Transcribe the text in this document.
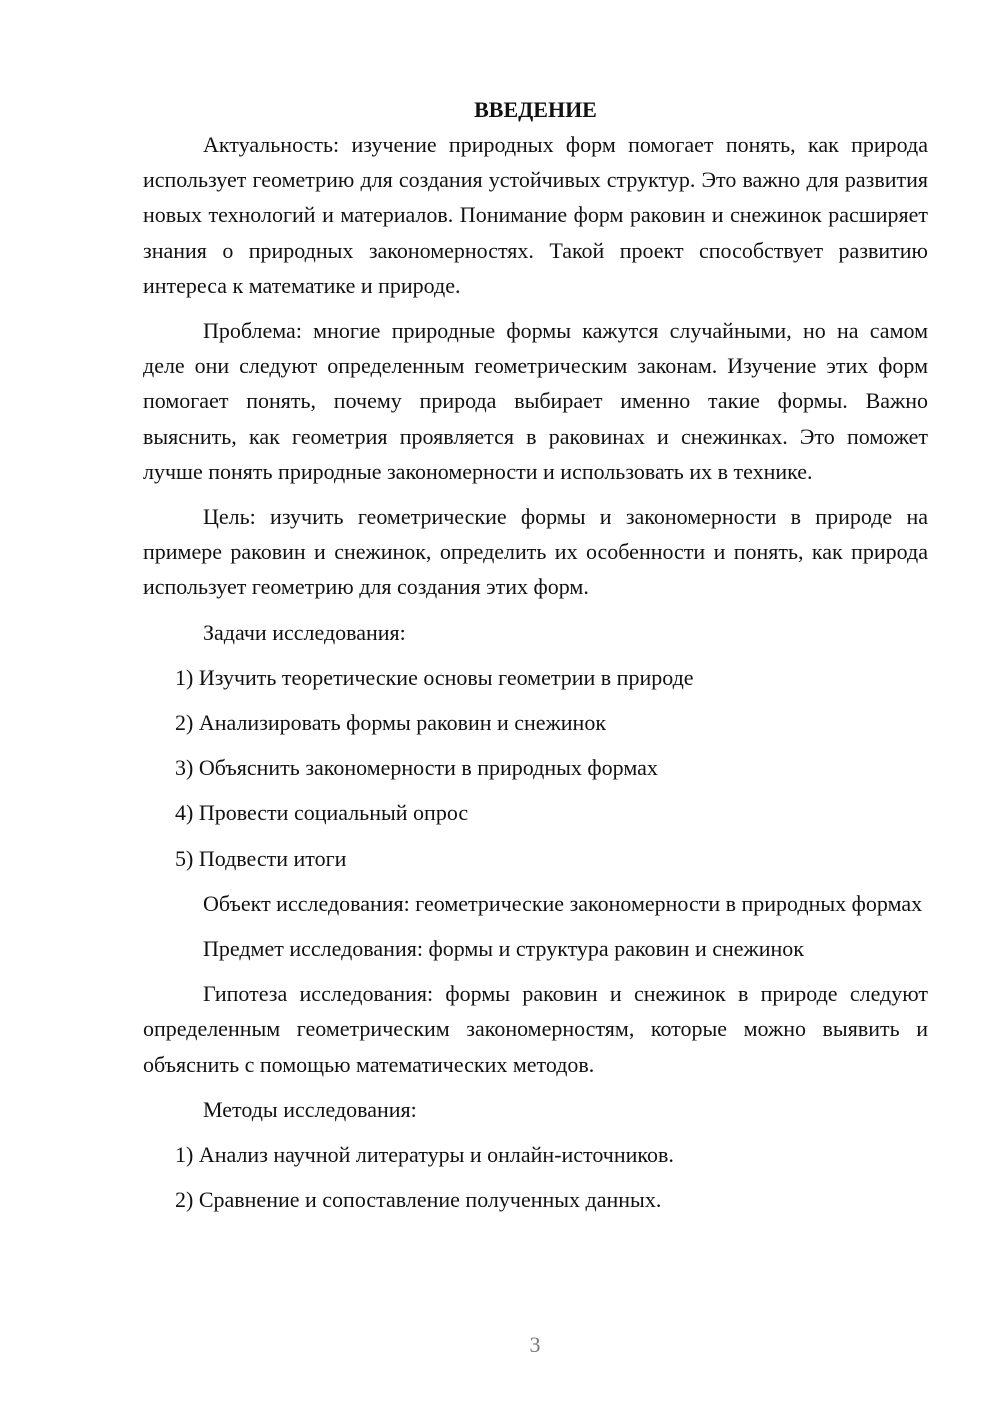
ВВЕДЕНИЕ

Актуальность: изучение природных форм помогает понять, как природа использует геометрию для создания устойчивых структур. Это важно для развития новых технологий и материалов. Понимание форм раковин и снежинок расширяет знания о природных закономерностях. Такой проект способствует развитию интереса к математике и природе.

Проблема: многие природные формы кажутся случайными, но на самом деле они следуют определенным геометрическим законам. Изучение этих форм помогает понять, почему природа выбирает именно такие формы. Важно выяснить, как геометрия проявляется в раковинах и снежинках. Это поможет лучше понять природные закономерности и использовать их в технике.

Цель: изучить геометрические формы и закономерности в природе на примере раковин и снежинок, определить их особенности и понять, как природа использует геометрию для создания этих форм.

Задачи исследования:

1) Изучить теоретические основы геометрии в природе

2) Анализировать формы раковин и снежинок

3) Объяснить закономерности в природных формах

4) Провести социальный опрос

5) Подвести итоги

Объект исследования: геометрические закономерности в природных формах

Предмет исследования: формы и структура раковин и снежинок

Гипотеза исследования: формы раковин и снежинок в природе следуют определенным геометрическим закономерностям, которые можно выявить и объяснить с помощью математических методов.

Методы исследования:

1) Анализ научной литературы и онлайн-источников.

2) Сравнение и сопоставление полученных данных.

3
